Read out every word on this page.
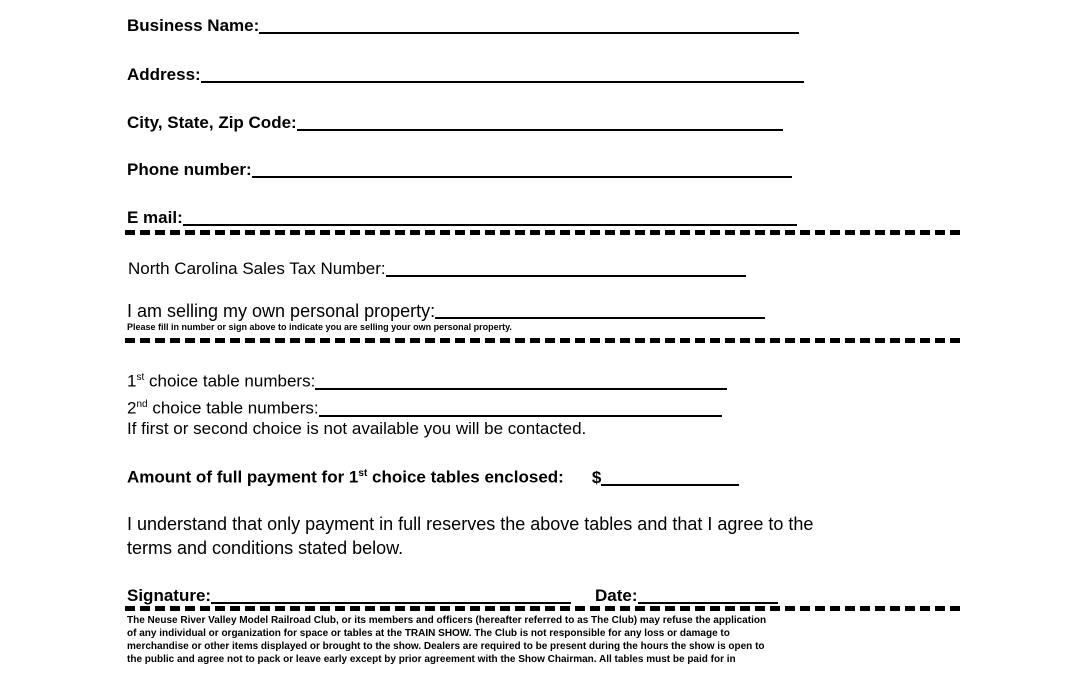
Business Name:
Address:
City, State, Zip Code:
Phone number:
E mail:
North Carolina Sales Tax Number:
I am selling my own personal property:
Please fill in number or sign above to indicate you are selling your own personal property.
1st choice table numbers:
2nd choice table numbers:
If first or second choice is not available you will be contacted.
Amount of full payment for 1st choice tables enclosed: $
I understand that only payment in full reserves the above tables and that I agree to the
terms and conditions stated below.
Signature:	Date:
The Neuse River Valley Model Railroad Club, or its members and officers (hereafter referred to as The Club) may refuse the application
of any individual or organization for space or tables at the TRAIN SHOW. The Club is not responsible for any loss or damage to
merchandise or other items displayed or brought to the show. Dealers are required to be present during the hours the show is open to
the public and agree not to pack or leave early except by prior agreement with the Show Chairman. All tables must be paid for in
